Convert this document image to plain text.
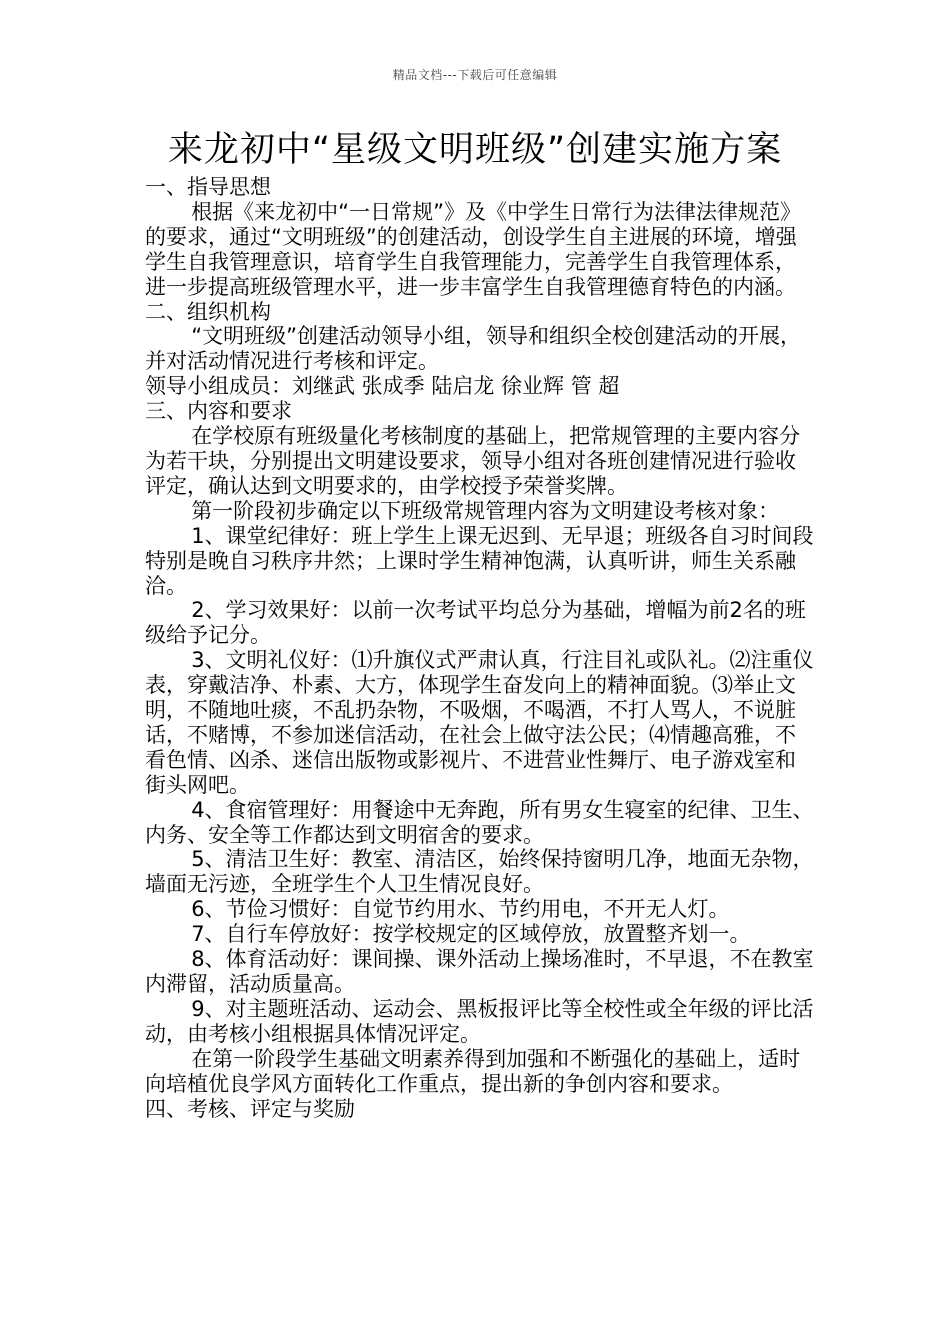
精品文档---下载后可任意编辑
来龙初中“星级文明班级”创建实施方案

一、指导思想

根据《来龙初中“一日常规”》及《中学生日常行为法律法律规范》的要求，通过“文明班级”的创建活动，创设学生自主进展的环境，增强学生自我管理意识，培育学生自我管理能力，完善学生自我管理体系，进一步提高班级管理水平，进一步丰富学生自我管理德育特色的内涵。

二、组织机构

“文明班级”创建活动领导小组，领导和组织全校创建活动的开展，并对活动情况进行考核和评定。

领导小组成员：刘继武 张成季 陆启龙 徐业辉 管 超

三、内容和要求

在学校原有班级量化考核制度的基础上，把常规管理的主要内容分为若干块，分别提出文明建设要求，领导小组对各班创建情况进行验收评定，确认达到文明要求的，由学校授予荣誉奖牌。

第一阶段初步确定以下班级常规管理内容为文明建设考核对象：

1、课堂纪律好：班上学生上课无迟到、无早退；班级各自习时间段特别是晚自习秩序井然；上课时学生精神饱满，认真听讲，师生关系融洽。

2、学习效果好：以前一次考试平均总分为基础，增幅为前2名的班级给予记分。

3、文明礼仪好：⑴升旗仪式严肃认真，行注目礼或队礼。⑵注重仪表，穿戴洁净、朴素、大方，体现学生奋发向上的精神面貌。⑶举止文明，不随地吐痰，不乱扔杂物，不吸烟，不喝酒，不打人骂人，不说脏话，不赌博，不参加迷信活动，在社会上做守法公民；⑷情趣高雅，不看色情、凶杀、迷信出版物或影视片、不进营业性舞厅、电子游戏室和街头网吧。

4、食宿管理好：用餐途中无奔跑，所有男女生寝室的纪律、卫生、内务、安全等工作都达到文明宿舍的要求。

5、清洁卫生好：教室、清洁区，始终保持窗明几净，地面无杂物，墙面无污迹，全班学生个人卫生情况良好。

6、节俭习惯好：自觉节约用水、节约用电，不开无人灯。

7、自行车停放好：按学校规定的区域停放，放置整齐划一。

8、体育活动好：课间操、课外活动上操场准时，不早退，不在教室内滞留，活动质量高。

9、对主题班活动、运动会、黑板报评比等全校性或全年级的评比活动，由考核小组根据具体情况评定。

在第一阶段学生基础文明素养得到加强和不断强化的基础上，适时向培植优良学风方面转化工作重点，提出新的争创内容和要求。

四、考核、评定与奖励
